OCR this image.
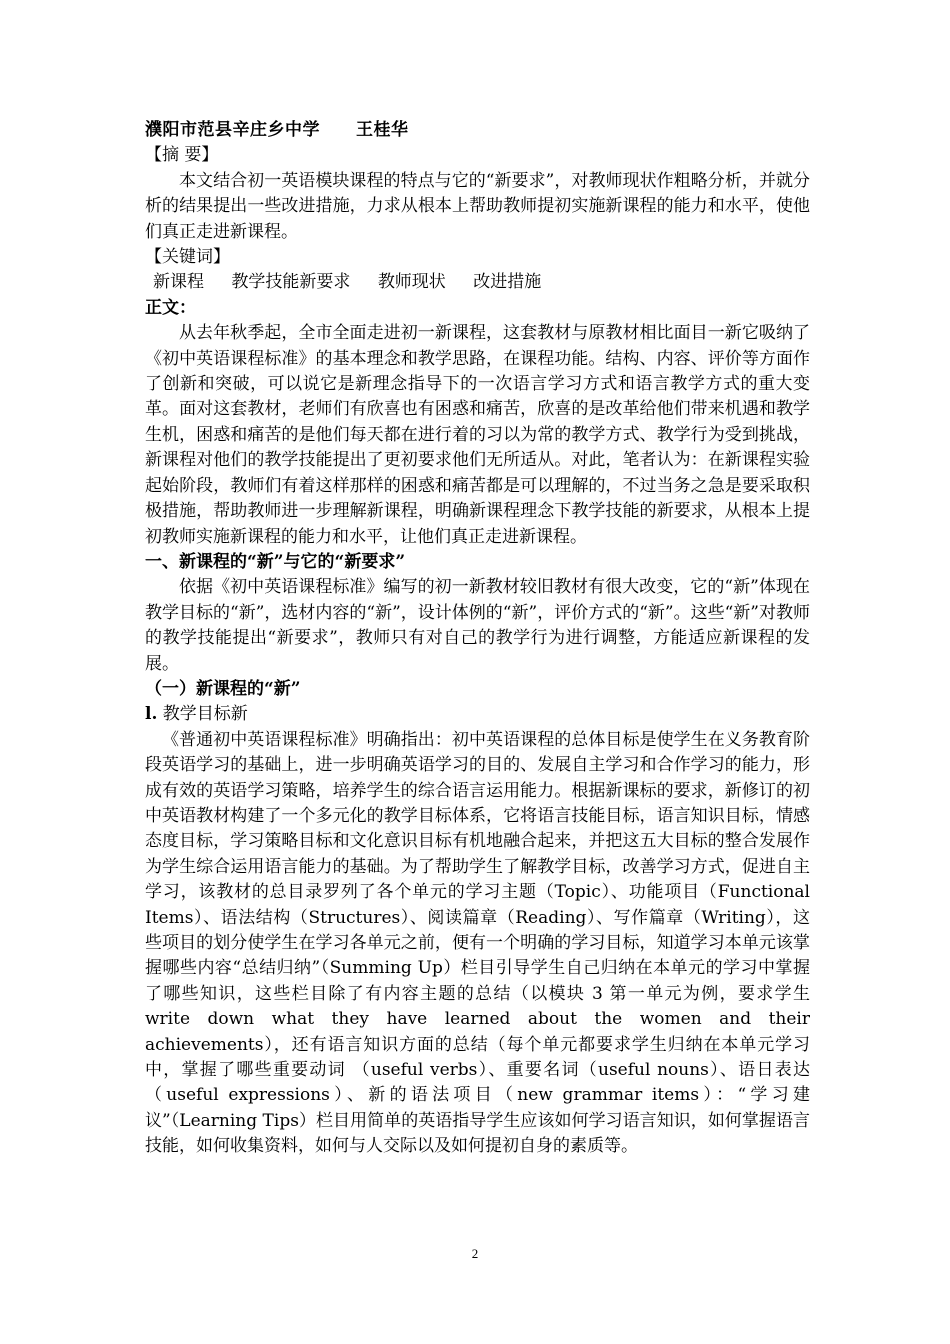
濮阳市范县辛庄乡中学 王桂华

【摘 要】

本文结合初一英语模块课程的特点与它的“新要求”，对教师现状作粗略分析，并就分析的结果提出一些改进措施，力求从根本上帮助教师提初实施新课程的能力和水平，使他们真正走进新课程。

【关键词】

新课程 教学技能新要求 教师现状 改进措施

正文：

从去年秋季起，全市全面走进初一新课程，这套教材与原教材相比面目一新它吸纳了《初中英语课程标准》的基本理念和教学思路，在课程功能。结构、内容、评价等方面作了创新和突破，可以说它是新理念指导下的一次语言学习方式和语言教学方式的重大变革。面对这套教材，老师们有欣喜也有困惑和痛苦，欣喜的是改革给他们带来机遇和教学生机，困惑和痛苦的是他们每天都在进行着的习以为常的教学方式、教学行为受到挑战，新课程对他们的教学技能提出了更初要求他们无所适从。对此，笔者认为：在新课程实验起始阶段，教师们有着这样那样的困惑和痛苦都是可以理解的，不过当务之急是要采取积极措施，帮助教师进一步理解新课程，明确新课程理念下教学技能的新要求，从根本上提初教师实施新课程的能力和水平，让他们真正走进新课程。

一、新课程的“新”与它的“新要求”

依据《初中英语课程标准》编写的初一新教材较旧教材有很大改变，它的“新”体现在教学目标的“新”，选材内容的“新”，设计体例的“新”，评价方式的“新”。这些“新”对教师的教学技能提出“新要求”，教师只有对自己的教学行为进行调整，方能适应新课程的发展。

（一）新课程的“新”

l. 教学目标新

《普通初中英语课程标准》明确指出：初中英语课程的总体目标是使学生在义务教育阶段英语学习的基础上，进一步明确英语学习的目的、发展自主学习和合作学习的能力，形成有效的英语学习策略，培养学生的综合语言运用能力。根据新课标的要求，新修订的初中英语教材构建了一个多元化的教学目标体系，它将语言技能目标，语言知识目标，情感态度目标，学习策略目标和文化意识目标有机地融合起来，并把这五大目标的整合发展作为学生综合运用语言能力的基础。为了帮助学生了解教学目标，改善学习方式，促进自主学习，该教材的总目录罗列了各个单元的学习主题（Topic）、功能项目（Functional Items）、语法结构（Structures）、阅读篇章（Reading）、写作篇章（Writing），这些项目的划分使学生在学习各单元之前，便有一个明确的学习目标，知道学习本单元该掌握哪些内容“总结归纳”（Summing Up）栏目引导学生自己归纳在本单元的学习中掌握了哪些知识，这些栏目除了有内容主题的总结（以模块 3 第一单元为例，要求学生 write down what they have learned about the women and their achievements），还有语言知识方面的总结（每个单元都要求学生归纳在本单元学习中，掌握了哪些重要动词 （useful verbs）、重要名词（useful nouns）、语日表达（useful expressions）、新的语法项目（new grammar items）：“学习建议”（Learning Tips）栏目用简单的英语指导学生应该如何学习语言知识，如何掌握语言技能，如何收集资料，如何与人交际以及如何提初自身的素质等。

2
